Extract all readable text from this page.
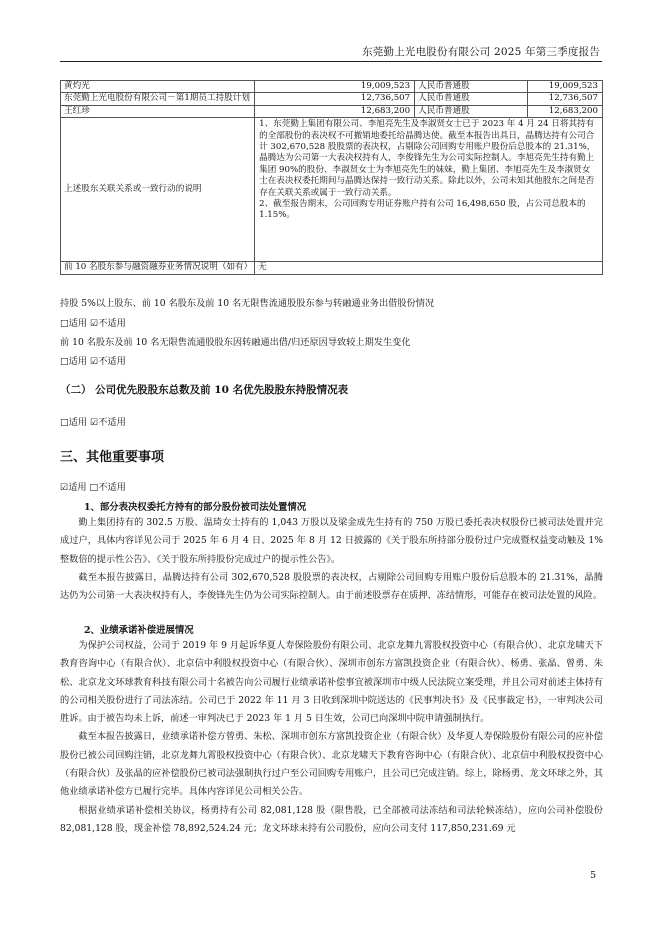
东莞勤上光电股份有限公司 2025 年第三季度报告
黄灼光	19,009,523	人民币普通股	19,009,523
东莞勤上光电股份有限公司－第1期员工持股计划	12,736,507	人民币普通股	12,736,507
王红珍	12,683,200	人民币普通股	12,683,200
上述股东关联关系或一致行动的说明	1、东莞勤上集团有限公司、李旭亮先生及李淑贤女士已于 2023 年 4 月 24 日将其持有的全部股份的表决权不可撤销地委托给晶腾达使。截至本报告出具日，晶腾达持有公司合计 302,670,528 股股票的表决权，占剔除公司回购专用账户股份后总股本的 21.31%，晶腾达为公司第一大表决权持有人，李俊锋先生为公司实际控制人。李旭亮先生持有勤上集团 90%的股份、李淑贤女士为李旭亮先生的妹妹，勤上集团、李旭亮先生及李淑贤女士在表决权委托期间与晶腾达保持一致行动关系。除此以外，公司未知其他股东之间是否存在关联关系或属于一致行动关系。

2、截至报告期末，公司回购专用证券账户持有公司 16,498,650 股，占公司总股本的 1.15%。		

前 10 名股东参与融资融券业务情况说明（如有）	无		
持股 5%以上股东、前 10 名股东及前 10 名无限售流通股股东参与转融通业务出借股份情况
□适用 ☑不适用
前 10 名股东及前 10 名无限售流通股股东因转融通出借/归还原因导致较上期发生变化
□适用 ☑不适用
（二） 公司优先股股东总数及前 10 名优先股股东持股情况表
□适用 ☑不适用
三、其他重要事项
☑适用 □不适用
1、部分表决权委托方持有的部分股份被司法处置情况

勤上集团持有的 302.5 万股、温琦女士持有的 1,043 万股以及梁金成先生持有的 750 万股已委托表决权股份已被司法处置并完成过户，具体内容详见公司于 2025 年 6 月 4 日、2025 年 8 月 12 日披露的《关于股东所持部分股份过户完成暨权益变动触及 1%整数倍的提示性公告》、《关于股东所持股份完成过户的提示性公告》。

截至本报告披露日，晶腾达持有公司 302,670,528 股股票的表决权，占剔除公司回购专用账户股份后总股本的 21.31%，晶腾达仍为公司第一大表决权持有人，李俊锋先生仍为公司实际控制人。由于前述股票存在质押、冻结情形，可能存在被司法处置的风险。

2、业绩承诺补偿进展情况

为保护公司权益，公司于 2019 年 9 月起诉华夏人寿保险股份有限公司、北京龙舞九霄股权投资中心（有限合伙）、北京龙啸天下教育咨询中心（有限合伙）、北京信中利股权投资中心（有限合伙）、深圳市创东方富凯投资企业（有限合伙）、杨勇、张晶、曾勇、朱松、北京龙文环球教育科技有限公司十名被告向公司履行业绩承诺补偿事宜被深圳市中级人民法院立案受理，并且公司对前述主体持有的公司相关股份进行了司法冻结。公司已于 2022 年 11 月 3 日收到深圳中院送达的《民事判决书》及《民事裁定书》，一审判决公司胜诉。由于被告均未上诉，前述一审判决已于 2023 年 1 月 5 日生效，公司已向深圳中院申请强制执行。

截至本报告披露日，业绩承诺补偿方曾勇、朱松、深圳市创东方富凯投资企业（有限合伙）及华夏人寿保险股份有限公司的应补偿股份已被公司回购注销，北京龙舞九霄股权投资中心（有限合伙）、北京龙啸天下教育咨询中心（有限合伙）、北京信中利股权投资中心（有限合伙）及张晶的应补偿股份已被司法强制执行过户至公司回购专用账户，且公司已完成注销。综上，除杨勇、龙文环球之外，其他业绩承诺补偿方已履行完毕。具体内容详见公司相关公告。

根据业绩承诺补偿相关协议，杨勇持有公司 82,081,128 股（限售股，已全部被司法冻结和司法轮候冻结），应向公司补偿股份 82,081,128 股，现金补偿 78,892,524.24 元；龙文环球未持有公司股份，应向公司支付 117,850,231.69 元

5
